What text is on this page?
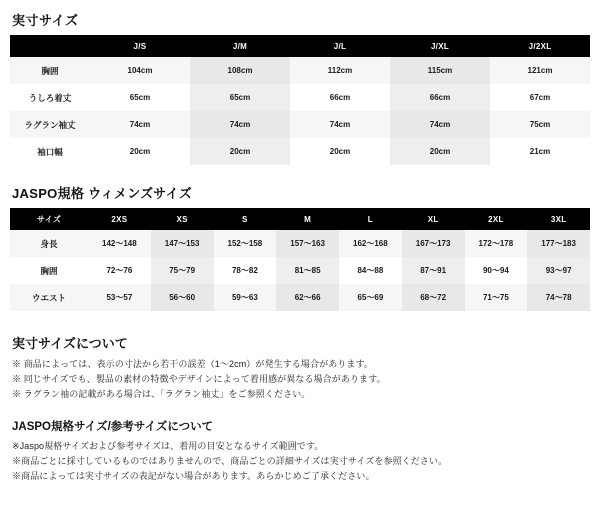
実寸サイズ
	J/S	J/M	J/L	J/XL	J/2XL
胸囲	104cm	108cm	112cm	115cm	121cm
うしろ着丈	65cm	65cm	66cm	66cm	67cm
ラグラン袖丈	74cm	74cm	74cm	74cm	75cm
袖口幅	20cm	20cm	20cm	20cm	21cm
JASPO規格 ウィメンズサイズ
サイズ	2XS	XS	S	M	L	XL	2XL	3XL
身長	142〜148	147〜153	152〜158	157〜163	162〜168	167〜173	172〜178	177〜183
胸囲	72〜76	75〜79	78〜82	81〜85	84〜88	87〜91	90〜94	93〜97
ウエスト	53〜57	56〜60	59〜63	62〜66	65〜69	68〜72	71〜75	74〜78
実寸サイズについて
※ 商品によっては、表示の寸法から若干の誤差（1〜2cm）が発生する場合があります。
※ 同じサイズでも、製品の素材の特徴やデザインによって着用感が異なる場合があります。
※ ラグラン袖の記載がある場合は、「ラグラン袖丈」をご参照ください。
JASPO規格サイズ/参考サイズについて
※Jaspo規格サイズおよび参考サイズは、着用の目安となるサイズ範囲です。
※商品ごとに採寸しているものではありませんので、商品ごとの詳細サイズは実寸サイズを参照ください。
※商品によっては実寸サイズの表記がない場合があります。あらかじめご了承ください。
